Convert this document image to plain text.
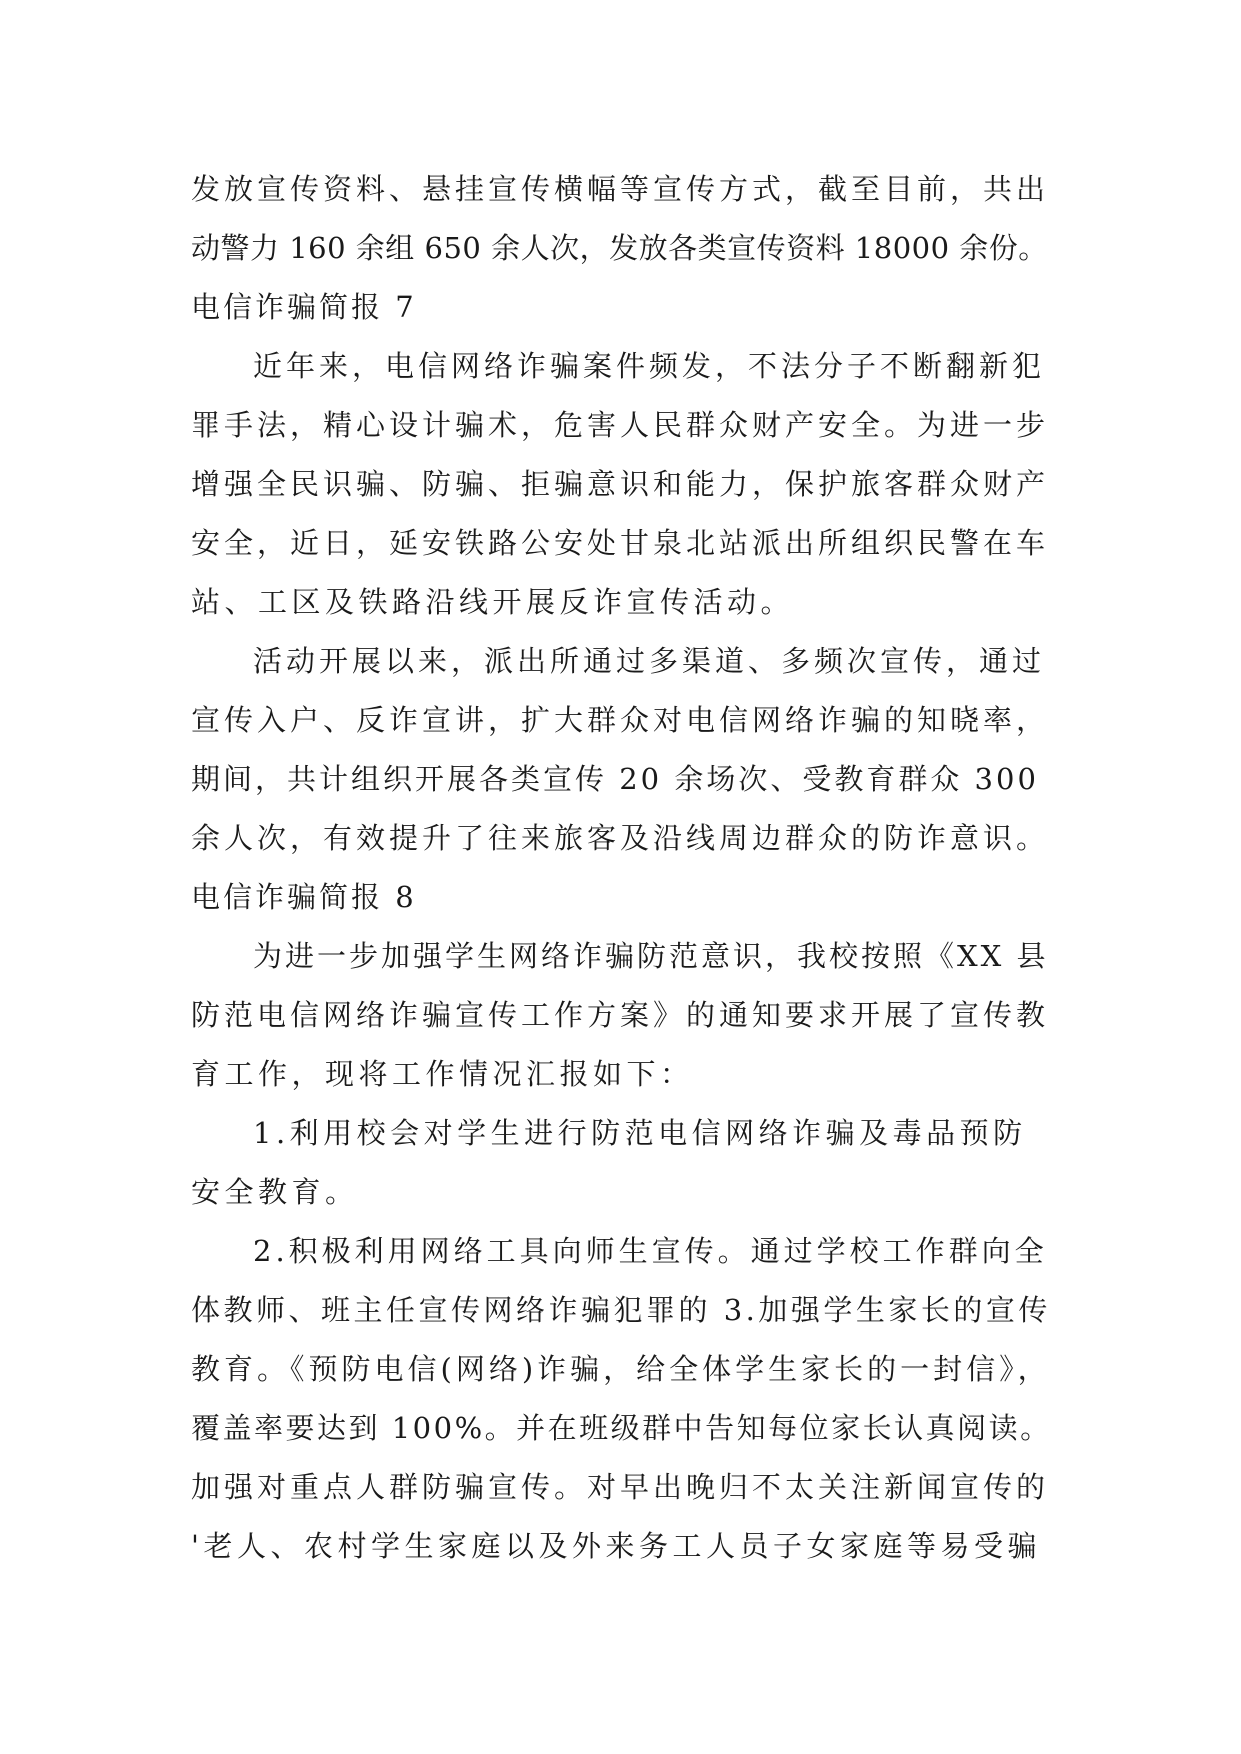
发放宣传资料、悬挂宣传横幅等宣传方式，截至目前，共出
动警力 160 余组 650 余人次，发放各类宣传资料 18000 余份。
电信诈骗简报 7
近年来，电信网络诈骗案件频发，不法分子不断翻新犯
罪手法，精心设计骗术，危害人民群众财产安全。为进一步
增强全民识骗、防骗、拒骗意识和能力，保护旅客群众财产
安全，近日，延安铁路公安处甘泉北站派出所组织民警在车
站、工区及铁路沿线开展反诈宣传活动。
活动开展以来，派出所通过多渠道、多频次宣传，通过
宣传入户、反诈宣讲，扩大群众对电信网络诈骗的知晓率，
期间，共计组织开展各类宣传 20 余场次、受教育群众 300
余人次，有效提升了往来旅客及沿线周边群众的防诈意识。
电信诈骗简报 8
为进一步加强学生网络诈骗防范意识，我校按照《XX 县
防范电信网络诈骗宣传工作方案》的通知要求开展了宣传教
育工作，现将工作情况汇报如下：
1.利用校会对学生进行防范电信网络诈骗及毒品预防
安全教育。
2.积极利用网络工具向师生宣传。通过学校工作群向全
体教师、班主任宣传网络诈骗犯罪的 3.加强学生家长的宣传
教育。《预防电信(网络)诈骗，给全体学生家长的一封信》，
覆盖率要达到 100%。并在班级群中告知每位家长认真阅读。
加强对重点人群防骗宣传。对早出晚归不太关注新闻宣传的
'老人、农村学生家庭以及外来务工人员子女家庭等易受骗
